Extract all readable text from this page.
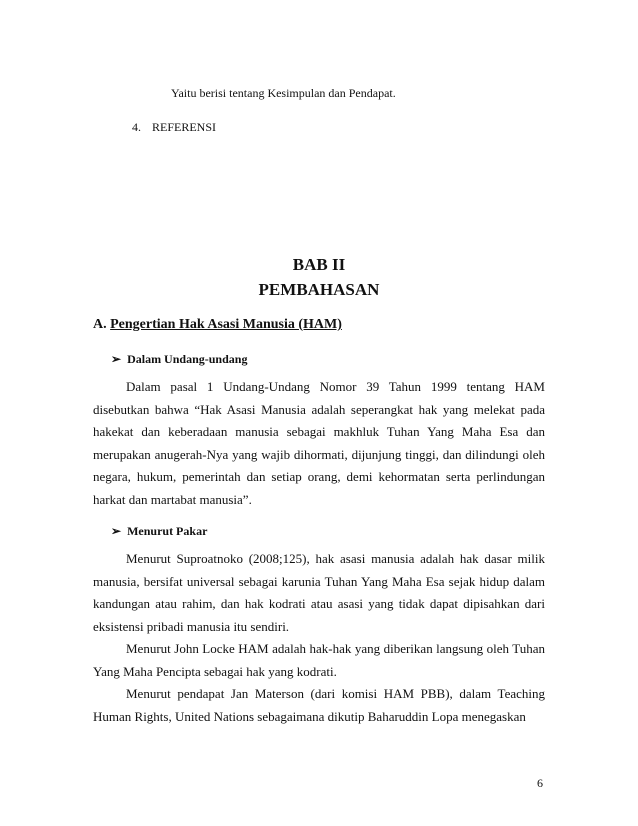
Yaitu berisi tentang Kesimpulan dan Pendapat.
4. REFERENSI
BAB II
PEMBAHASAN
A. Pengertian Hak Asasi Manusia (HAM)
➢ Dalam Undang-undang

Dalam pasal 1 Undang-Undang Nomor 39 Tahun 1999 tentang HAM disebutkan bahwa “Hak Asasi Manusia adalah seperangkat hak yang melekat pada hakekat dan keberadaan manusia sebagai makhluk Tuhan Yang Maha Esa dan merupakan anugerah-Nya yang wajib dihormati, dijunjung tinggi, dan dilindungi oleh negara, hukum, pemerintah dan setiap orang, demi kehormatan serta perlindungan harkat dan martabat manusia”.

➢ Menurut Pakar

Menurut Suproatnoko (2008;125), hak asasi manusia adalah hak dasar milik manusia, bersifat universal sebagai karunia Tuhan Yang Maha Esa sejak hidup dalam kandungan atau rahim, dan hak kodrati atau asasi yang tidak dapat dipisahkan dari eksistensi pribadi manusia itu sendiri.

Menurut John Locke HAM adalah hak-hak yang diberikan langsung oleh Tuhan Yang Maha Pencipta sebagai hak yang kodrati.

Menurut pendapat Jan Materson (dari komisi HAM PBB), dalam Teaching Human Rights, United Nations sebagaimana dikutip Baharuddin Lopa menegaskan

6
